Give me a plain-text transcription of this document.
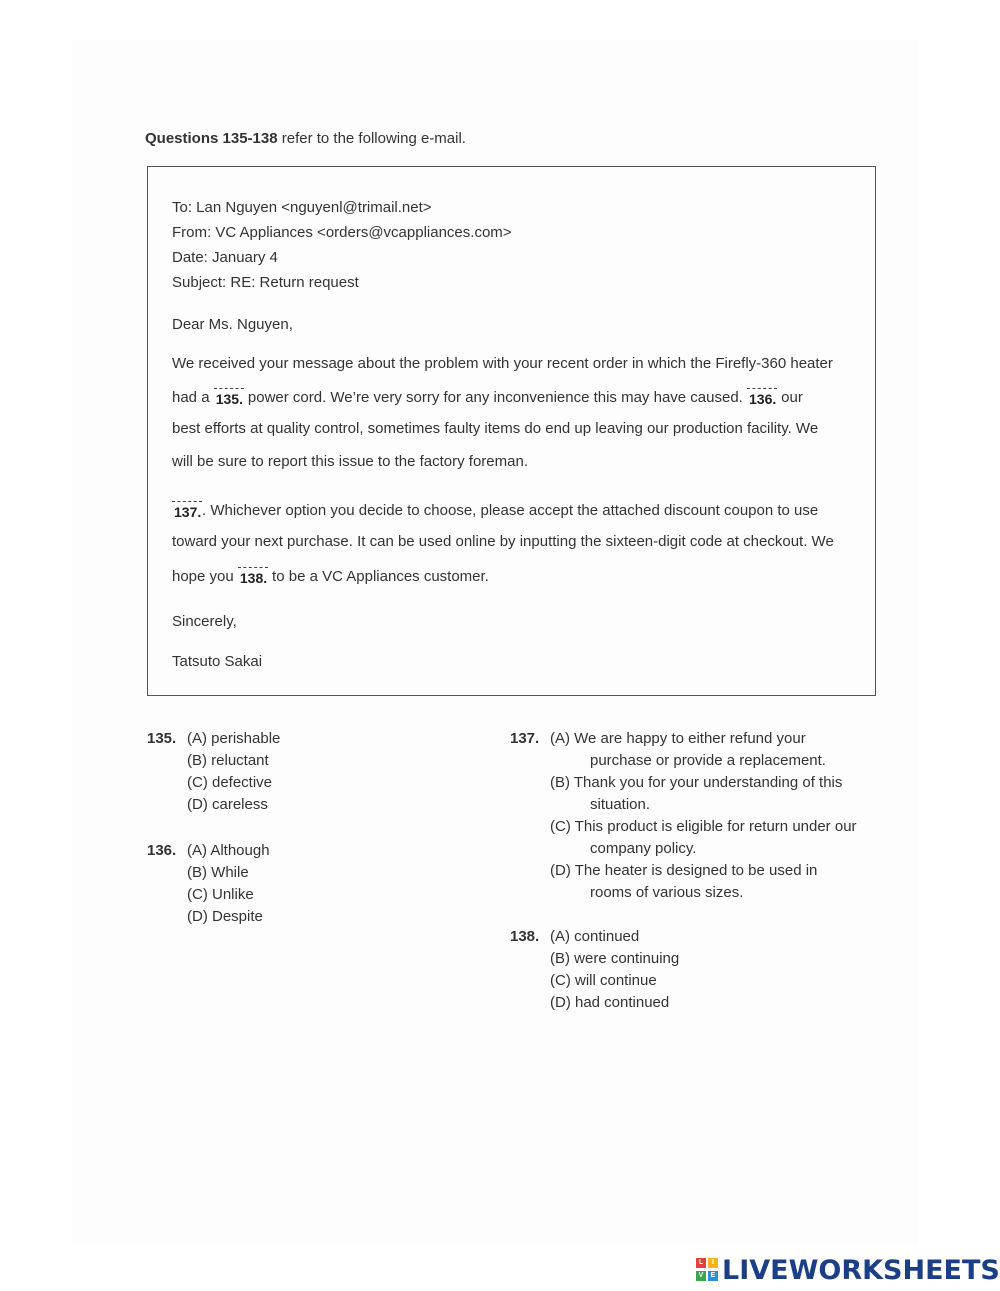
Questions 135-138 refer to the following e-mail.
To: Lan Nguyen <nguyenl@trimail.net>
From: VC Appliances <orders@vcappliances.com>
Date: January 4
Subject: RE: Return request
Dear Ms. Nguyen,
We received your message about the problem with your recent order in which the Firefly-360 heater
had a 135. power cord. We’re very sorry for any inconvenience this may have caused. 136. our
best efforts at quality control, sometimes faulty items do end up leaving our production facility. We
will be sure to report this issue to the factory foreman.
137. . Whichever option you decide to choose, please accept the attached discount coupon to use
toward your next purchase. It can be used online by inputting the sixteen-digit code at checkout. We
hope you 138. to be a VC Appliances customer.
Sincerely,
Tatsuto Sakai
135. (A) perishable
(B) reluctant
(C) defective
(D) careless
136. (A) Although
(B) While
(C) Unlike
(D) Despite
137. (A) We are happy to either refund your
purchase or provide a replacement.
(B) Thank you for your understanding of this
situation.
(C) This product is eligible for return under our
company policy.
(D) The heater is designed to be used in
rooms of various sizes.
138. (A) continued
(B) were continuing
(C) will continue
(D) had continued
L	I
V	E LIVEWORKSHEETS
